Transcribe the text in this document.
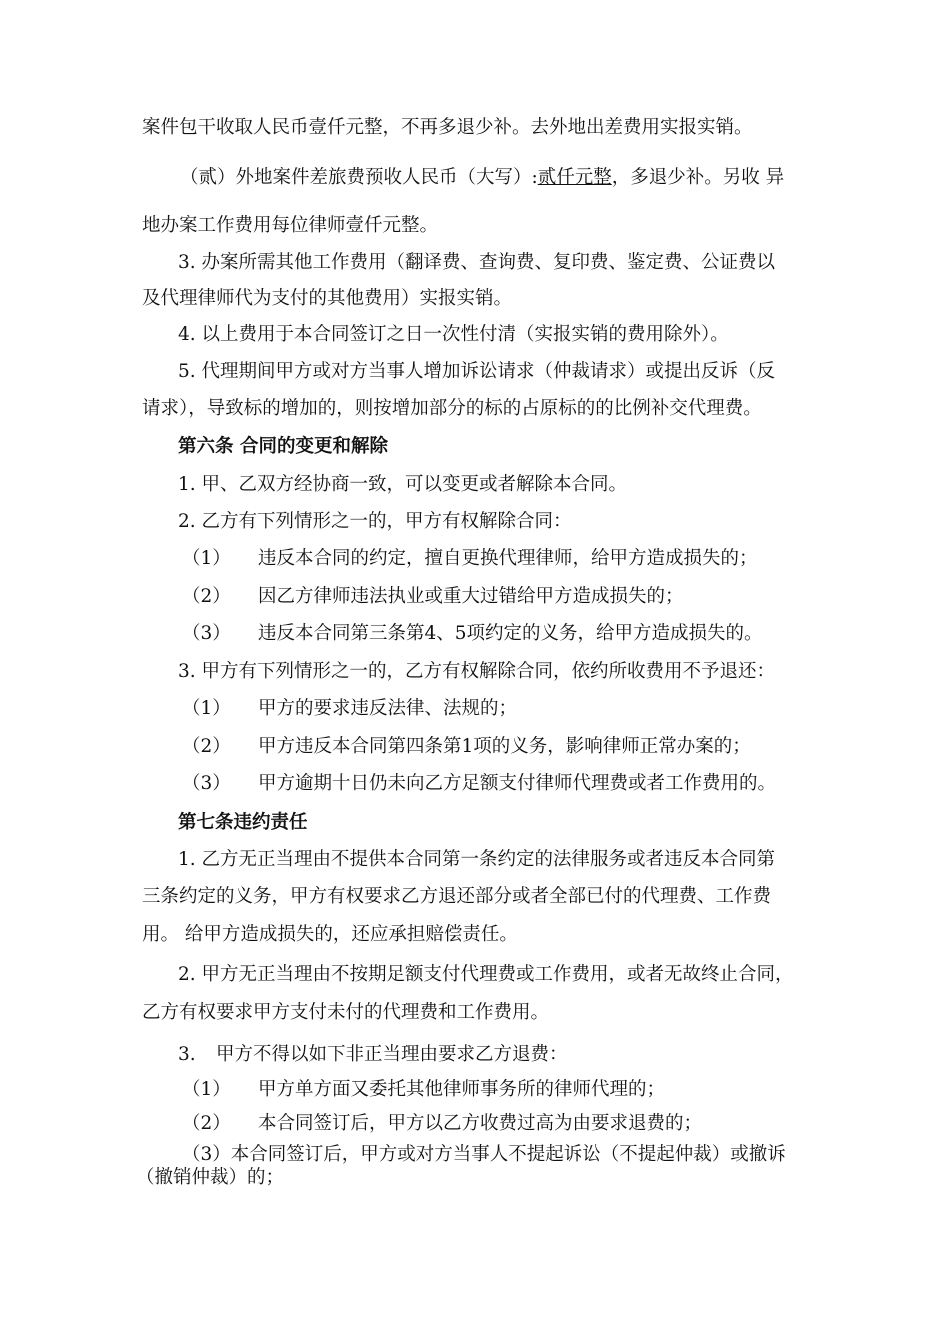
案件包干收取人民币壹仟元整，不再多退少补。去外地出差费用实报实销。
（贰）外地案件差旅费预收人民币（大写）:贰仟元整，多退少补。另收 异
地办案工作费用每位律师壹仟元整。
3. 办案所需其他工作费用（翻译费、查询费、复印费、鉴定费、公证费以
及代理律师代为支付的其他费用）实报实销。
4. 以上费用于本合同签订之日一次性付清（实报实销的费用除外）。
5. 代理期间甲方或对方当事人增加诉讼请求（仲裁请求）或提出反诉（反
请求），导致标的增加的，则按增加部分的标的占原标的的比例补交代理费。
第六条 合同的变更和解除
1. 甲、乙双方经协商一致，可以变更或者解除本合同。
2. 乙方有下列情形之一的，甲方有权解除合同：
（1） 违反本合同的约定，擅自更换代理律师，给甲方造成损失的；
（2） 因乙方律师违法执业或重大过错给甲方造成损失的；
（3） 违反本合同第三条第4、5项约定的义务，给甲方造成损失的。
3. 甲方有下列情形之一的，乙方有权解除合同，依约所收费用不予退还：
（1） 甲方的要求违反法律、法规的；
（2） 甲方违反本合同第四条第1项的义务，影响律师正常办案的；
（3） 甲方逾期十日仍未向乙方足额支付律师代理费或者工作费用的。
第七条违约责任
1. 乙方无正当理由不提供本合同第一条约定的法律服务或者违反本合同第
三条约定的义务，甲方有权要求乙方退还部分或者全部已付的代理费、工作费
用。 给甲方造成损失的，还应承担赔偿责任。
2. 甲方无正当理由不按期足额支付代理费或工作费用，或者无故终止合同，
乙方有权要求甲方支付未付的代理费和工作费用。
3. 甲方不得以如下非正当理由要求乙方退费：
（1） 甲方单方面又委托其他律师事务所的律师代理的；
（2） 本合同签订后，甲方以乙方收费过高为由要求退费的；
（3）本合同签订后，甲方或对方当事人不提起诉讼（不提起仲裁）或撤诉
（撤销仲裁）的；
